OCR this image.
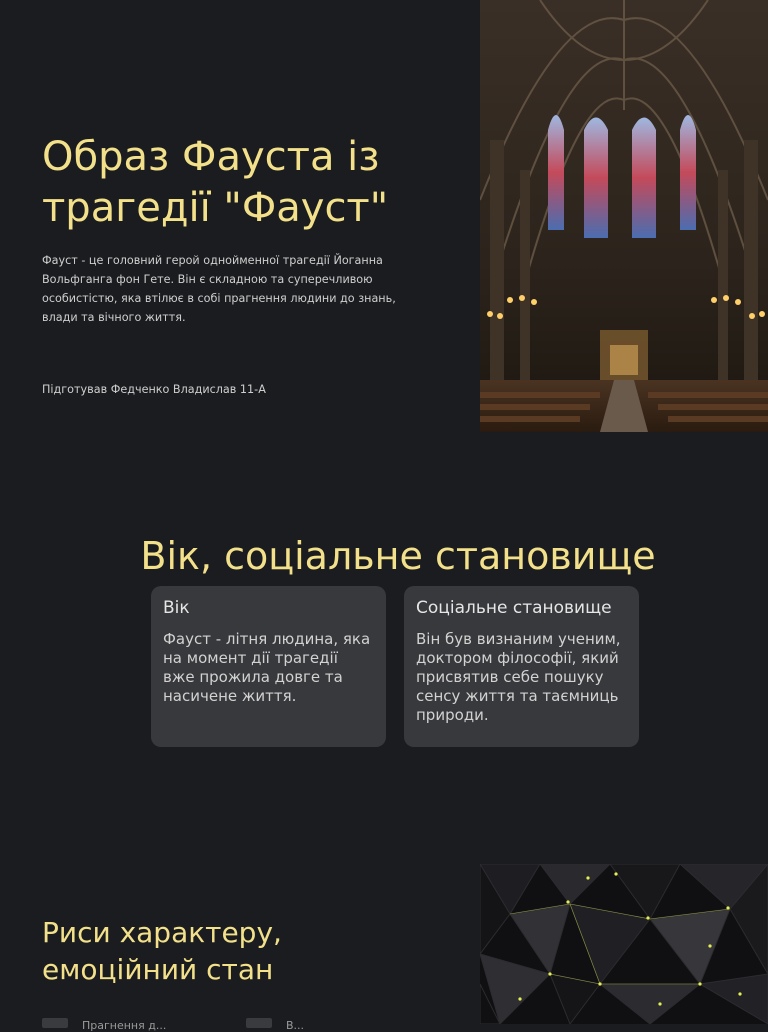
Образ Фауста із трагедії "Фауст"

Фауст - це головний герой однойменної трагедії Йоганна Вольфганга фон Гете. Він є складною та суперечливою особистістю, яка втілює в собі прагнення людини до знань, влади та вічного життя.

Підготував Федченко Владислав 11-А

Вік, соціальне становище
Вік

Фауст - літня людина, яка на момент дії трагедії вже прожила довге та насичене життя.

Соціальне становище

Він був визнаним ученим, доктором філософії, який присвятив себе пошуку сенсу життя та таємниць природи.

Риси характеру, емоційний стан
Прагнення д...	В...
